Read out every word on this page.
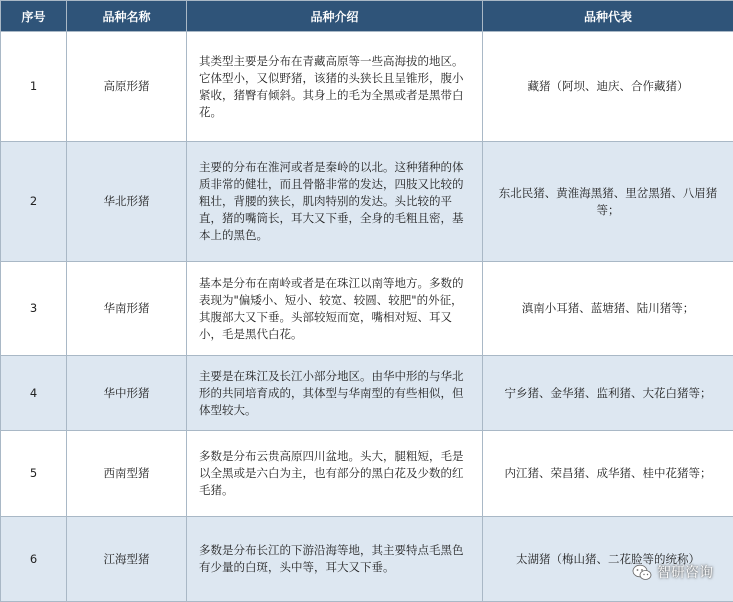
序号	品种名称	品种介绍	品种代表
1	高原形猪	其类型主要是分布在青藏高原等一些高海拔的地区。它体型小，又似野猪，该猪的头狭长且呈锥形，腹小紧收，猪臀有倾斜。其身上的毛为全黑或者是黑带白花。	藏猪（阿坝、迪庆、合作藏猪）
2	华北形猪	主要的分布在淮河或者是秦岭的以北。这种猪种的体质非常的健壮，而且骨骼非常的发达，四肢又比较的粗壮，背腰的狭长，肌肉特别的发达。头比较的平直，猪的嘴筒长，耳大又下垂，全身的毛粗且密，基本上的黑色。	东北民猪、黄淮海黑猪、里岔黑猪、八眉猪等；
3	华南形猪	基本是分布在南岭或者是在珠江以南等地方。多数的表现为"偏矮小、短小、较宽、较圆、较肥"的外征，其腹部大又下垂。头部较短而宽，嘴相对短、耳又小，毛是黑代白花。	滇南小耳猪、蓝塘猪、陆川猪等；
4	华中形猪	主要是在珠江及长江小部分地区。由华中形的与华北形的共同培育成的，其体型与华南型的有些相似，但体型较大。	宁乡猪、金华猪、监利猪、大花白猪等；
5	西南型猪	多数是分布云贵高原四川盆地。头大，腿粗短，毛是以全黑或是六白为主，也有部分的黑白花及少数的红毛猪。	内江猪、荣昌猪、成华猪、桂中花猪等；
6	江海型猪	多数是分布长江的下游沿海等地，其主要特点毛黑色有少量的白斑，头中等，耳大又下垂。	太湖猪（梅山猪、二花脸等的统称）
智研咨询
